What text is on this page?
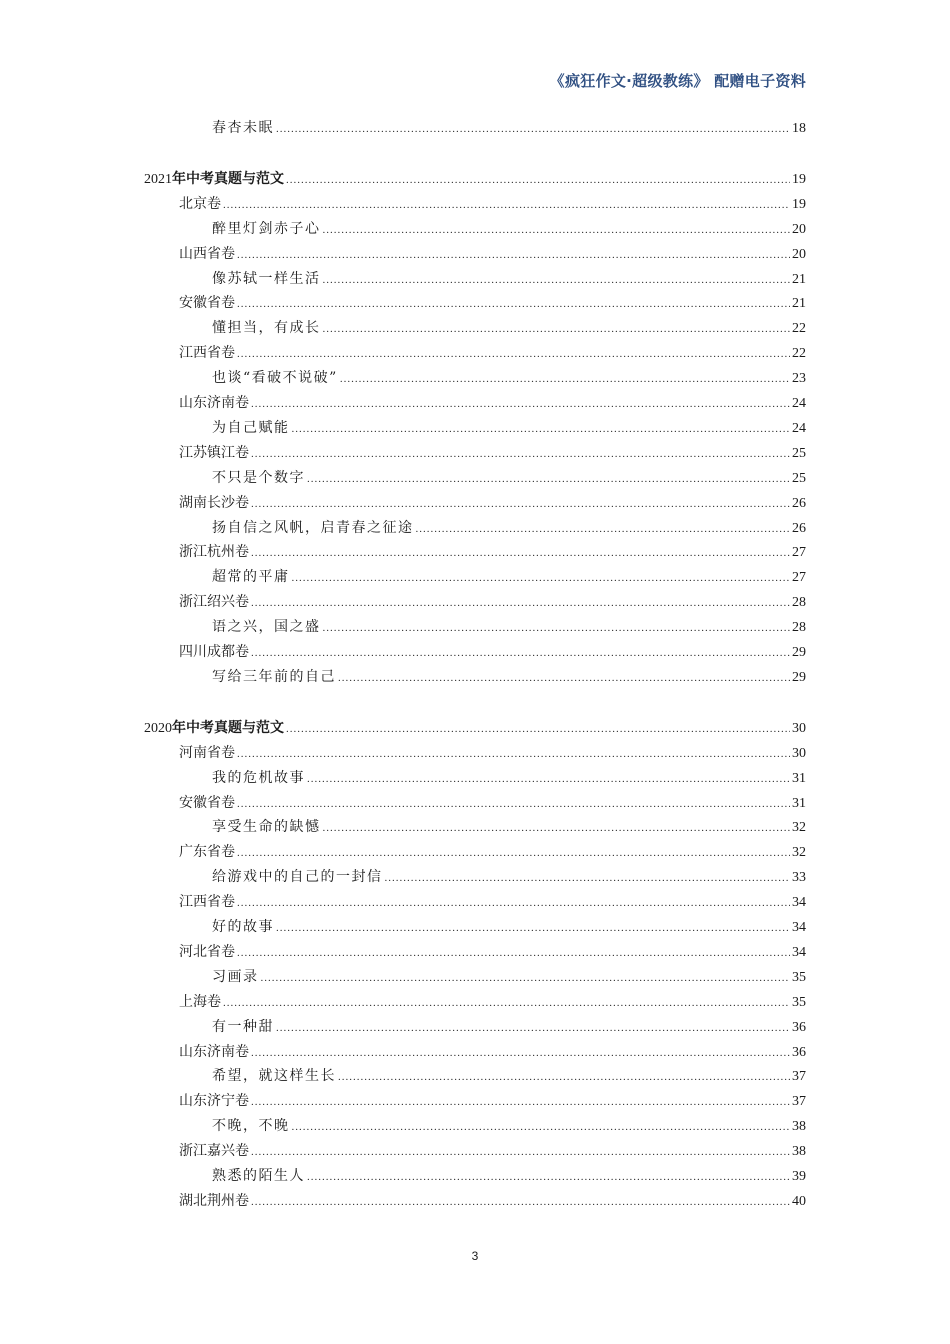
《疯狂作文·超级教练》 配赠电子资料
春杏未眠 .....	18
2021年中考真题与范文 .....	19
北京卷 .....	19
醉里灯剑赤子心 .....	20
山西省卷 .....	20
像苏轼一样生活 .....	21
安徽省卷 .....	21
懂担当，有成长 .....	22
江西省卷 .....	22
也谈“看破不说破” .....	23
山东济南卷 .....	24
为自己赋能 .....	24
江苏镇江卷 .....	25
不只是个数字 .....	25
湖南长沙卷 .....	26
扬自信之风帆，启青春之征途 .....	26
浙江杭州卷 .....	27
超常的平庸 .....	27
浙江绍兴卷 .....	28
语之兴，国之盛 .....	28
四川成都卷 .....	29
写给三年前的自己 .....	29
2020年中考真题与范文 .....	30
河南省卷 .....	30
我的危机故事 .....	31
安徽省卷 .....	31
享受生命的缺憾 .....	32
广东省卷 .....	32
给游戏中的自己的一封信 .....	33
江西省卷 .....	34
好的故事 .....	34
河北省卷 .....	34
习画录 .....	35
上海卷 .....	35
有一种甜 .....	36
山东济南卷 .....	36
希望，就这样生长 .....	37
山东济宁卷 .....	37
不晚，不晚 .....	38
浙江嘉兴卷 .....	38
熟悉的陌生人 .....	39
湖北荆州卷 .....	40
3
